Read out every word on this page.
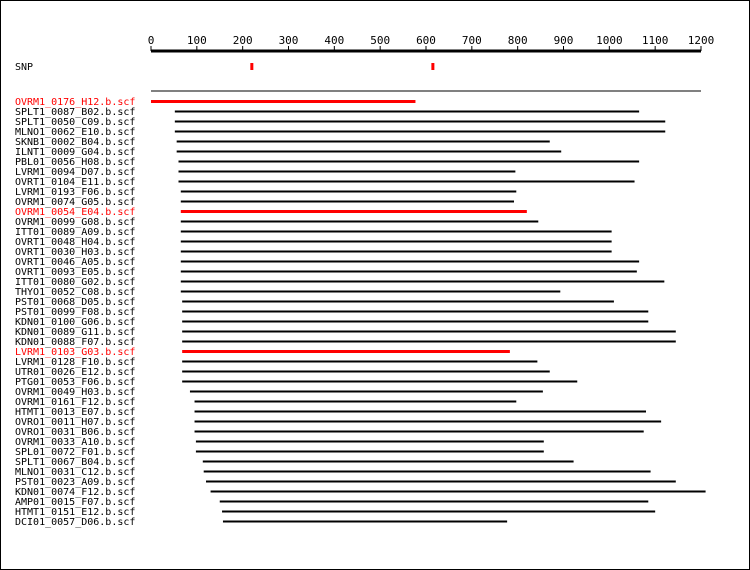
0	100 200 300 400 500 600 700 800 900 1000 1100 1200
SNP
OVRM1_0176_H12.b.scf
SPLT1_0087_B02.b.scf
SPLT1_0050_C09.b.scf
MLNO1_0062_E10.b.scf
SKNB1_0002_B04.b.scf
ILNT1_0009_G04.b.scf
PBL01_0056_H08.b.scf
LVRM1_0094_D07.b.scf
OVRT1_0104_E11.b.scf
LVRM1_0193_F06.b.scf
OVRM1_0074_G05.b.scf
OVRM1_0054_E04.b.scf
OVRM1_0099_G08.b.scf
ITT01_0089_A09.b.scf
OVRT1_0048_H04.b.scf
OVRT1_0030_H03.b.scf
OVRT1_0046_A05.b.scf
OVRT1_0093_E05.b.scf
ITT01_0080_G02.b.scf
THYO1_0052_C08.b.scf
PST01_0068_D05.b.scf
PST01_0099_F08.b.scf
KDN01_0100_G06.b.scf
KDN01_0089_G11.b.scf
KDN01_0088_F07.b.scf
LVRM1_0103_G03.b.scf
LVRM1_0128_F10.b.scf
UTR01_0026_E12.b.scf
PTG01_0053_F06.b.scf
OVRM1_0049_H03.b.scf
OVRM1_0161_F12.b.scf
HTMT1_0013_E07.b.scf
OVRO1_0011_H07.b.scf
OVRO1_0031_B06.b.scf
OVRM1_0033_A10.b.scf
SPL01_0072_F01.b.scf
SPLT1_0067_B04.b.scf
MLNO1_0031_C12.b.scf
PST01_0023_A09.b.scf
KDN01_0074_F12.b.scf
AMP01_0015_F07.b.scf
HTMT1_0151_E12.b.scf
DCI01_0057_D06.b.scf
